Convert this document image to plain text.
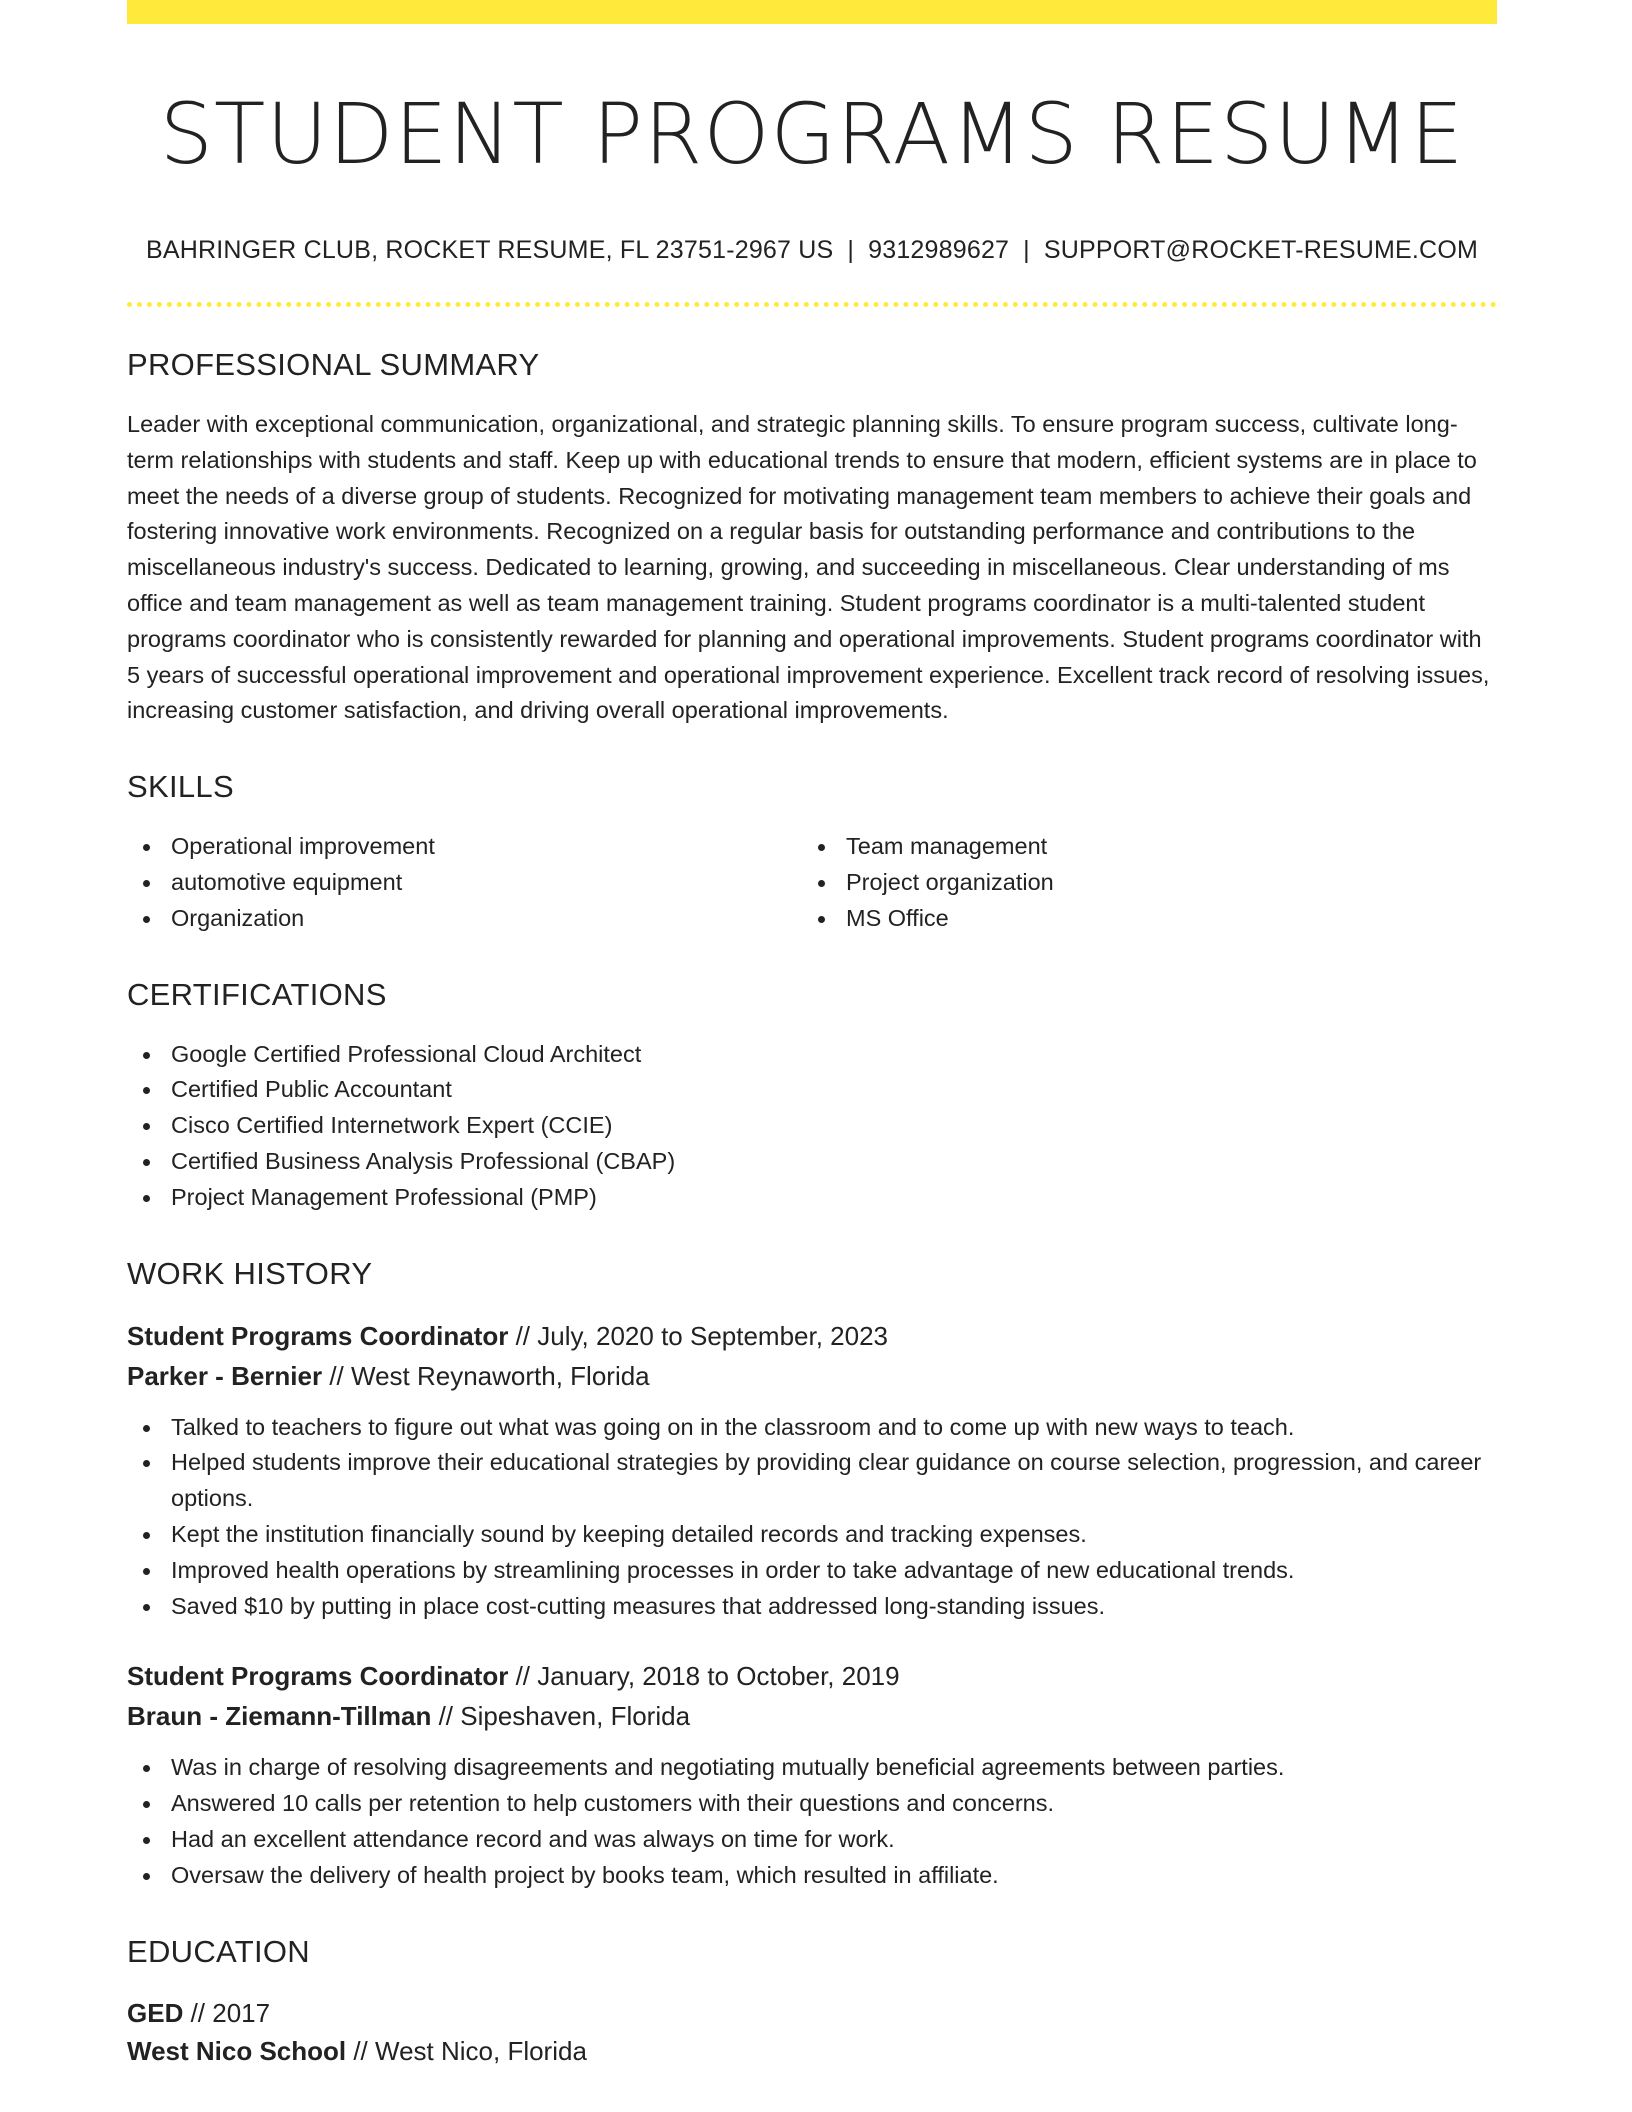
STUDENT PROGRAMS RESUME
BAHRINGER CLUB, ROCKET RESUME, FL 23751-2967 US | 9312989627 | SUPPORT@ROCKET-RESUME.COM
PROFESSIONAL SUMMARY

Leader with exceptional communication, organizational, and strategic planning skills. To ensure program success, cultivate long-term relationships with students and staff. Keep up with educational trends to ensure that modern, efficient systems are in place to meet the needs of a diverse group of students. Recognized for motivating management team members to achieve their goals and fostering innovative work environments. Recognized on a regular basis for outstanding performance and contributions to the miscellaneous industry's success. Dedicated to learning, growing, and succeeding in miscellaneous. Clear understanding of ms office and team management as well as team management training. Student programs coordinator is a multi-talented student programs coordinator who is consistently rewarded for planning and operational improvements. Student programs coordinator with 5 years of successful operational improvement and operational improvement experience. Excellent track record of resolving issues, increasing customer satisfaction, and driving overall operational improvements.

SKILLS
Operational improvement
automotive equipment
Organization
Team management
Project organization
MS Office
CERTIFICATIONS
Google Certified Professional Cloud Architect
Certified Public Accountant
Cisco Certified Internetwork Expert (CCIE)
Certified Business Analysis Professional (CBAP)
Project Management Professional (PMP)
WORK HISTORY
Student Programs Coordinator // July, 2020 to September, 2023
Parker - Bernier // West Reynaworth, Florida
Talked to teachers to figure out what was going on in the classroom and to come up with new ways to teach.
Helped students improve their educational strategies by providing clear guidance on course selection, progression, and career options.
Kept the institution financially sound by keeping detailed records and tracking expenses.
Improved health operations by streamlining processes in order to take advantage of new educational trends.
Saved $10 by putting in place cost-cutting measures that addressed long-standing issues.
Student Programs Coordinator // January, 2018 to October, 2019
Braun - Ziemann-Tillman // Sipeshaven, Florida
Was in charge of resolving disagreements and negotiating mutually beneficial agreements between parties.
Answered 10 calls per retention to help customers with their questions and concerns.
Had an excellent attendance record and was always on time for work.
Oversaw the delivery of health project by books team, which resulted in affiliate.
EDUCATION
GED // 2017
West Nico School // West Nico, Florida
